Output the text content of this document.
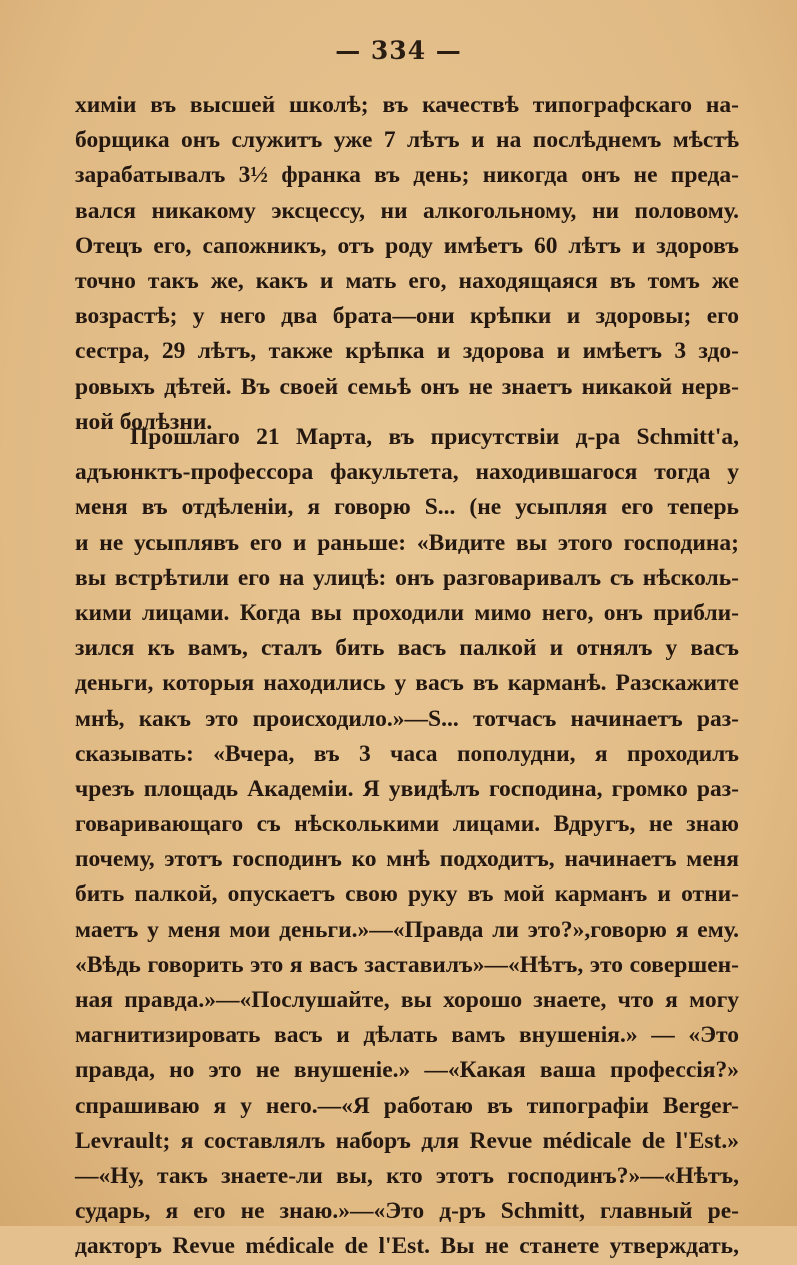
— 334 —
химіи въ высшей школѣ; въ качествѣ типографскаго на-
борщика онъ служитъ уже 7 лѣтъ и на послѣднемъ мѣстѣ
зарабатывалъ 3½ франка въ день; никогда онъ не преда-
вался никакому эксцессу, ни алкогольному, ни половому.
Отецъ его, сапожникъ, отъ роду имѣетъ 60 лѣтъ и здоровъ
точно такъ же, какъ и мать его, находящаяся въ томъ же
возрастѣ; у него два брата—они крѣпки и здоровы; его
сестра, 29 лѣтъ, также крѣпка и здорова и имѣетъ 3 здо-
ровыхъ дѣтей. Въ своей семьѣ онъ не знаетъ никакой нерв-
ной болѣзни.
Прошлаго 21 Марта, въ присутствіи д-ра Schmitt'a,
адъюнктъ-профессора факультета, находившагося тогда у
меня въ отдѣленіи, я говорю S... (не усыпляя его теперь
и не усыплявъ его и раньше: «Видите вы этого господина;
вы встрѣтили его на улицѣ: онъ разговаривалъ съ нѣсколь-
кими лицами. Когда вы проходили мимо него, онъ прибли-
зился къ вамъ, сталъ бить васъ палкой и отнялъ у васъ
деньги, которыя находились у васъ въ карманѣ. Разскажите
мнѣ, какъ это происходило.»—S... тотчасъ начинаетъ раз-
сказывать: «Вчера, въ 3 часа пополудни, я проходилъ
чрезъ площадь Академіи. Я увидѣлъ господина, громко раз-
говаривающаго съ нѣсколькими лицами. Вдругъ, не знаю
почему, этотъ господинъ ко мнѣ подходитъ, начинаетъ меня
бить палкой, опускаетъ свою руку въ мой карманъ и отни-
маетъ у меня мои деньги.»—«Правда ли это?»,говорю я ему.
«Вѣдь говорить это я васъ заставилъ»—«Нѣтъ, это совершен-
ная правда.»—«Послушайте, вы хорошо знаете, что я могу
магнитизировать васъ и дѣлать вамъ внушенія.» — «Это
правда, но это не внушеніе.» —«Какая ваша профессія?»
спрашиваю я у него.—«Я работаю въ типографіи Berger-
Levrault; я составлялъ наборъ для Revue médicale de l'Est.»
—«Ну, такъ знаете-ли вы, кто этотъ господинъ?»—«Нѣтъ,
сударь, я его не знаю.»—«Это д-ръ Schmitt, главный ре-
дакторъ Revue médicale de l'Est. Вы не станете утверждать,
